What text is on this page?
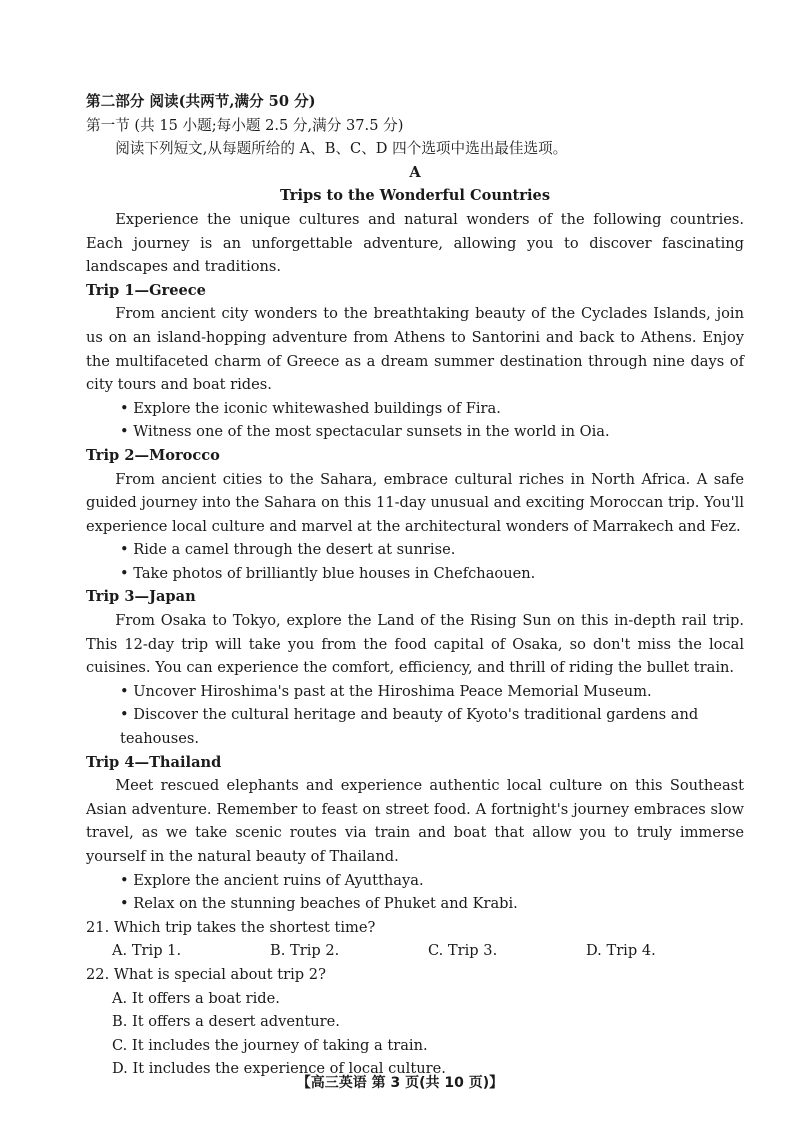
第二部分 阅读(共两节,满分 50 分)

第一节 (共 15 小题;每小题 2.5 分,满分 37.5 分)

阅读下列短文,从每题所给的 A、B、C、D 四个选项中选出最佳选项。

A

Trips to the Wonderful Countries

Experience the unique cultures and natural wonders of the following countries. Each journey is an unforgettable adventure, allowing you to discover fascinating landscapes and traditions.

Trip 1—Greece

From ancient city wonders to the breathtaking beauty of the Cyclades Islands, join us on an island-hopping adventure from Athens to Santorini and back to Athens. Enjoy the multifaceted charm of Greece as a dream summer destination through nine days of city tours and boat rides.

• Explore the iconic whitewashed buildings of Fira.

• Witness one of the most spectacular sunsets in the world in Oia.

Trip 2—Morocco

From ancient cities to the Sahara, embrace cultural riches in North Africa. A safe guided journey into the Sahara on this 11-day unusual and exciting Moroccan trip. You'll experience local culture and marvel at the architectural wonders of Marrakech and Fez.

• Ride a camel through the desert at sunrise.

• Take photos of brilliantly blue houses in Chefchaouen.

Trip 3—Japan

From Osaka to Tokyo, explore the Land of the Rising Sun on this in-depth rail trip. This 12-day trip will take you from the food capital of Osaka, so don't miss the local cuisines. You can experience the comfort, efficiency, and thrill of riding the bullet train.

• Uncover Hiroshima's past at the Hiroshima Peace Memorial Museum.

• Discover the cultural heritage and beauty of Kyoto's traditional gardens and teahouses.

Trip 4—Thailand

Meet rescued elephants and experience authentic local culture on this Southeast Asian adventure. Remember to feast on street food. A fortnight's journey embraces slow travel, as we take scenic routes via train and boat that allow you to truly immerse yourself in the natural beauty of Thailand.

• Explore the ancient ruins of Ayutthaya.

• Relax on the stunning beaches of Phuket and Krabi.

21. Which trip takes the shortest time?

A. Trip 1.	B. Trip 2.	C. Trip 3.	D. Trip 4.

22. What is special about trip 2?

A. It offers a boat ride.

B. It offers a desert adventure.

C. It includes the journey of taking a train.

D. It includes the experience of local culture.

【高三英语 第 3 页(共 10 页)】
